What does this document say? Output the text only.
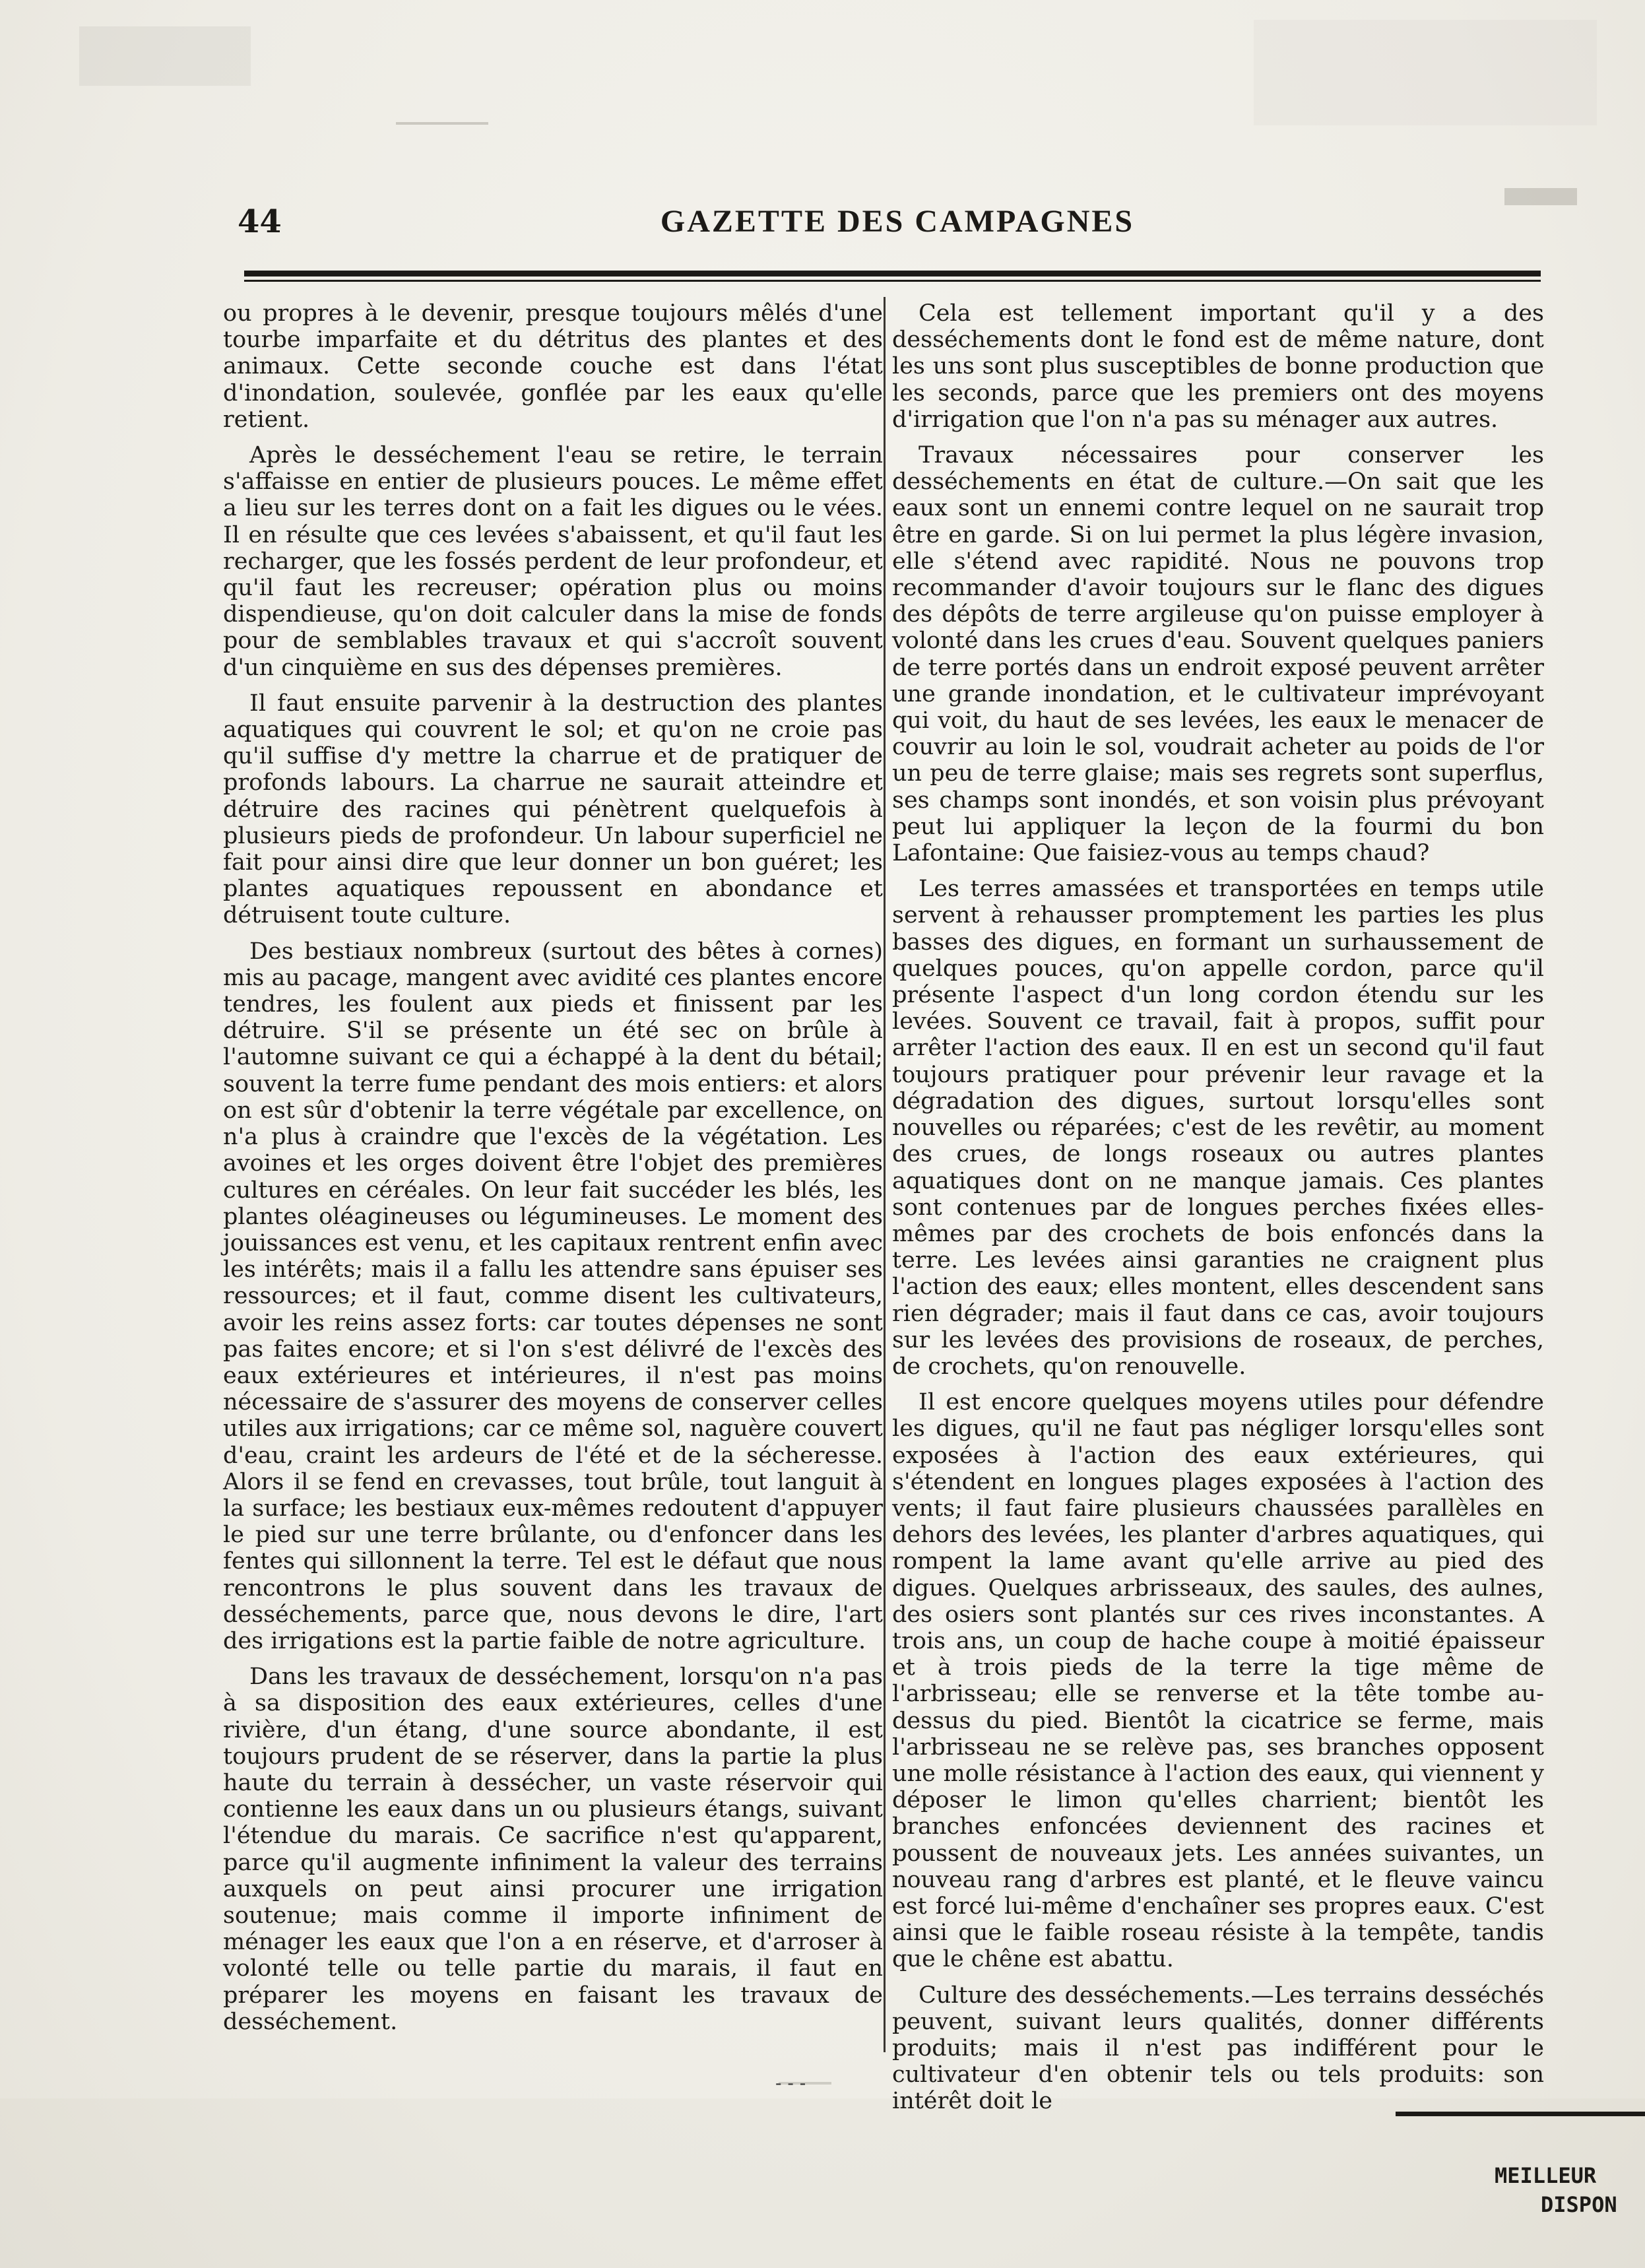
44	GAZETTE DES CAMPAGNES

ou propres à le devenir, presque toujours mêlés d'une tourbe imparfaite et du détritus des plantes et des animaux. Cette seconde couche est dans l'état d'inondation, soulevée, gonflée par les eaux qu'elle retient.

Après le desséchement l'eau se retire, le terrain s'affaisse en entier de plusieurs pouces. Le même effet a lieu sur les terres dont on a fait les digues ou le vées. Il en résulte que ces levées s'abaissent, et qu'il faut les recharger, que les fossés perdent de leur profondeur, et qu'il faut les recreuser; opération plus ou moins dispendieuse, qu'on doit calculer dans la mise de fonds pour de semblables travaux et qui s'accroît souvent d'un cinquième en sus des dépenses premières.

Il faut ensuite parvenir à la destruction des plantes aquatiques qui couvrent le sol; et qu'on ne croie pas qu'il suffise d'y mettre la charrue et de pratiquer de profonds labours. La charrue ne saurait atteindre et détruire des racines qui pénètrent quelquefois à plusieurs pieds de profondeur. Un labour superficiel ne fait pour ainsi dire que leur donner un bon guéret; les plantes aquatiques repoussent en abondance et détruisent toute culture.

Des bestiaux nombreux (surtout des bêtes à cornes) mis au pacage, mangent avec avidité ces plantes encore tendres, les foulent aux pieds et finissent par les détruire. S'il se présente un été sec on brûle à l'automne suivant ce qui a échappé à la dent du bétail; souvent la terre fume pendant des mois entiers: et alors on est sûr d'obtenir la terre végétale par excellence, on n'a plus à craindre que l'excès de la végétation. Les avoines et les orges doivent être l'objet des premières cultures en céréales. On leur fait succéder les blés, les plantes oléagineuses ou légumineuses. Le moment des jouissances est venu, et les capitaux rentrent enfin avec les intérêts; mais il a fallu les attendre sans épuiser ses ressources; et il faut, comme disent les cultivateurs, avoir les reins assez forts: car toutes dépenses ne sont pas faites encore; et si l'on s'est délivré de l'excès des eaux extérieures et intérieures, il n'est pas moins nécessaire de s'assurer des moyens de conserver celles utiles aux irrigations; car ce même sol, naguère couvert d'eau, craint les ardeurs de l'été et de la sécheresse. Alors il se fend en crevasses, tout brûle, tout languit à la surface; les bestiaux eux-mêmes redoutent d'appuyer le pied sur une terre brûlante, ou d'enfoncer dans les fentes qui sillonnent la terre. Tel est le défaut que nous rencontrons le plus souvent dans les travaux de desséchements, parce que, nous devons le dire, l'art des irrigations est la partie faible de notre agriculture.

Dans les travaux de desséchement, lorsqu'on n'a pas à sa disposition des eaux extérieures, celles d'une rivière, d'un étang, d'une source abondante, il est toujours prudent de se réserver, dans la partie la plus haute du terrain à dessécher, un vaste réservoir qui contienne les eaux dans un ou plusieurs étangs, suivant l'étendue du marais. Ce sacrifice n'est qu'apparent, parce qu'il augmente infiniment la valeur des terrains auxquels on peut ainsi procurer une irrigation soutenue; mais comme il importe infiniment de ménager les eaux que l'on a en réserve, et d'arroser à volonté telle ou telle partie du marais, il faut en préparer les moyens en faisant les travaux de desséchement.

Cela est tellement important qu'il y a des desséchements dont le fond est de même nature, dont les uns sont plus susceptibles de bonne production que les seconds, parce que les premiers ont des moyens d'irrigation que l'on n'a pas su ménager aux autres.

Travaux nécessaires pour conserver les desséchements en état de culture.—On sait que les eaux sont un ennemi contre lequel on ne saurait trop être en garde. Si on lui permet la plus légère invasion, elle s'étend avec rapidité. Nous ne pouvons trop recommander d'avoir toujours sur le flanc des digues des dépôts de terre argileuse qu'on puisse employer à volonté dans les crues d'eau. Souvent quelques paniers de terre portés dans un endroit exposé peuvent arrêter une grande inondation, et le cultivateur imprévoyant qui voit, du haut de ses levées, les eaux le menacer de couvrir au loin le sol, voudrait acheter au poids de l'or un peu de terre glaise; mais ses regrets sont superflus, ses champs sont inondés, et son voisin plus prévoyant peut lui appliquer la leçon de la fourmi du bon Lafontaine: Que faisiez-vous au temps chaud?

Les terres amassées et transportées en temps utile servent à rehausser promptement les parties les plus basses des digues, en formant un surhaussement de quelques pouces, qu'on appelle cordon, parce qu'il présente l'aspect d'un long cordon étendu sur les levées. Souvent ce travail, fait à propos, suffit pour arrêter l'action des eaux. Il en est un second qu'il faut toujours pratiquer pour prévenir leur ravage et la dégradation des digues, surtout lorsqu'elles sont nouvelles ou réparées; c'est de les revêtir, au moment des crues, de longs roseaux ou autres plantes aquatiques dont on ne manque jamais. Ces plantes sont contenues par de longues perches fixées elles-mêmes par des crochets de bois enfoncés dans la terre. Les levées ainsi garanties ne craignent plus l'action des eaux; elles montent, elles descendent sans rien dégrader; mais il faut dans ce cas, avoir toujours sur les levées des provisions de roseaux, de perches, de crochets, qu'on renouvelle.

Il est encore quelques moyens utiles pour défendre les digues, qu'il ne faut pas négliger lorsqu'elles sont exposées à l'action des eaux extérieures, qui s'étendent en longues plages exposées à l'action des vents; il faut faire plusieurs chaussées parallèles en dehors des levées, les planter d'arbres aquatiques, qui rompent la lame avant qu'elle arrive au pied des digues. Quelques arbrisseaux, des saules, des aulnes, des osiers sont plantés sur ces rives inconstantes. A trois ans, un coup de hache coupe à moitié épaisseur et à trois pieds de la terre la tige même de l'arbrisseau; elle se renverse et la tête tombe au-dessus du pied. Bientôt la cicatrice se ferme, mais l'arbrisseau ne se relève pas, ses branches opposent une molle résistance à l'action des eaux, qui viennent y déposer le limon qu'elles charrient; bientôt les branches enfoncées deviennent des racines et poussent de nouveaux jets. Les années suivantes, un nouveau rang d'arbres est planté, et le fleuve vaincu est forcé lui-même d'enchaîner ses propres eaux. C'est ainsi que le faible roseau résiste à la tempête, tandis que le chêne est abattu.

Culture des desséchements.—Les terrains desséchés peuvent, suivant leurs qualités, donner différents produits; mais il n'est pas indifférent pour le cultivateur d'en obtenir tels ou tels produits: son intérêt doit le

- - -
MEILLEUR
DISPON
